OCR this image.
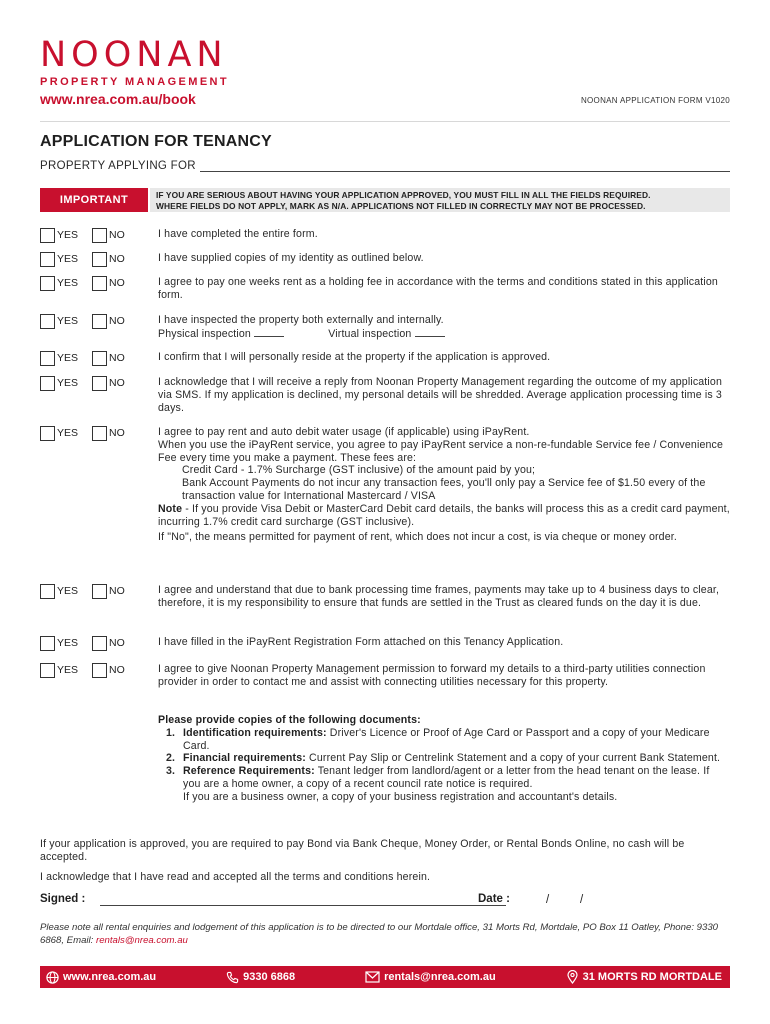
NOONAN
PROPERTY MANAGEMENT
www.nrea.com.au/book	NOONAN APPLICATION FORM V1020
APPLICATION FOR TENANCY
PROPERTY APPLYING FOR
IMPORTANT	IF YOU ARE SERIOUS ABOUT HAVING YOUR APPLICATION APPROVED, YOU MUST FILL IN ALL THE FIELDS REQUIRED.
WHERE FIELDS DO NOT APPLY, MARK AS N/A. APPLICATIONS NOT FILLED IN CORRECTLY MAY NOT BE PROCESSED.
YES	NO	I have completed the entire form.
YES	NO	I have supplied copies of my identity as outlined below.
YES	NO	I agree to pay one weeks rent as a holding fee in accordance with the terms and conditions stated in this application form.
YES	NO	I have inspected the property both externally and internally.
Physical inspection	Virtual inspection
YES	NO	I confirm that I will personally reside at the property if the application is approved.
YES	NO	I acknowledge that I will receive a reply from Noonan Property Management regarding the outcome of my application via SMS. If my application is declined, my personal details will be shredded. Average application processing time is 3 days.
YES	NO	I agree to pay rent and auto debit water usage (if applicable) using iPayRent.
When you use the iPayRent service, you agree to pay iPayRent service a non-re-fundable Service fee / Convenience Fee every time you make a payment. These fees are:
Credit Card - 1.7% Surcharge (GST inclusive) of the amount paid by you;
Bank Account Payments do not incur any transaction fees, you'll only pay a Service fee of $1.50 every of the transaction value for International Mastercard / VISA
Note - If you provide Visa Debit or MasterCard Debit card details, the banks will process this as a credit card payment, incurring 1.7% credit card surcharge (GST inclusive).
If "No", the means permitted for payment of rent, which does not incur a cost, is via cheque or money order.
YES	NO	I agree and understand that due to bank processing time frames, payments may take up to 4 business days to clear, therefore, it is my responsibility to ensure that funds are settled in the Trust as cleared funds on the day it is due.
YES	NO	I have filled in the iPayRent Registration Form attached on this Tenancy Application.
YES	NO	I agree to give Noonan Property Management permission to forward my details to a third-party utilities connection provider in order to contact me and assist with connecting utilities necessary for this property.
Please provide copies of the following documents:
1. Identification requirements: Driver's Licence or Proof of Age Card or Passport and a copy of your Medicare Card.
2. Financial requirements: Current Pay Slip or Centrelink Statement and a copy of your current Bank Statement.
3. Reference Requirements: Tenant ledger from landlord/agent or a letter from the head tenant on the lease. If you are a home owner, a copy of a recent council rate notice is required.
If you are a business owner, a copy of your business registration and accountant's details.
If your application is approved, you are required to pay Bond via Bank Cheque, Money Order, or Rental Bonds Online, no cash will be accepted.
I acknowledge that I have read and accepted all the terms and conditions herein.
Signed :	Date :	/	/
Please note all rental enquiries and lodgement of this application is to be directed to our Mortdale office, 31 Morts Rd, Mortdale, PO Box 11 Oatley, Phone: 9330 6868, Email: rentals@nrea.com.au
www.nrea.com.au	9330 6868	rentals@nrea.com.au	31 MORTS RD MORTDALE
